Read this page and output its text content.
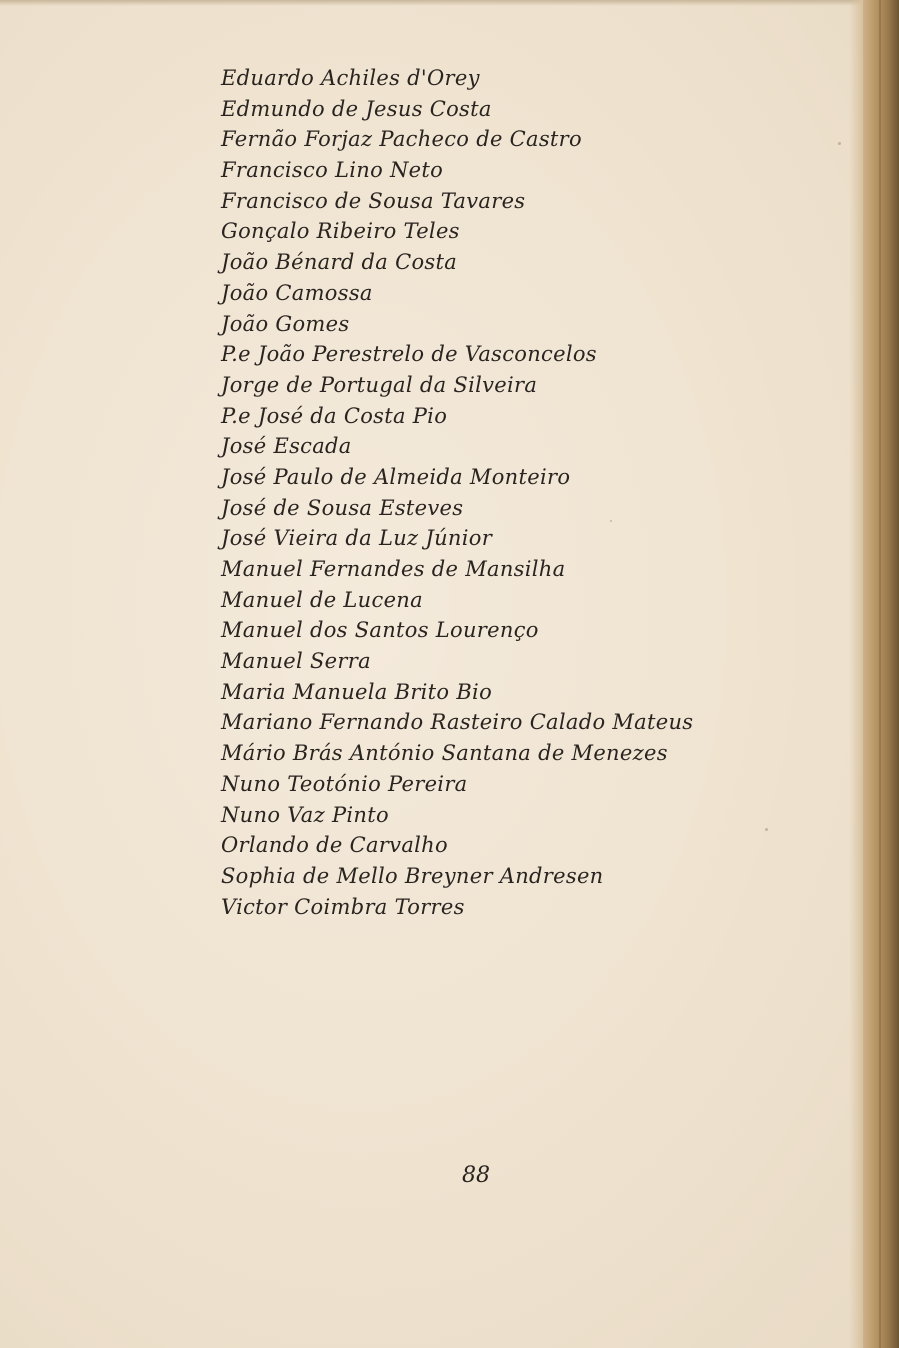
Eduardo Achiles d'Orey
Edmundo de Jesus Costa
Fernão Forjaz Pacheco de Castro
Francisco Lino Neto
Francisco de Sousa Tavares
Gonçalo Ribeiro Teles
João Bénard da Costa
João Camossa
João Gomes
P.e João Perestrelo de Vasconcelos
Jorge de Portugal da Silveira
P.e José da Costa Pio
José Escada
José Paulo de Almeida Monteiro
José de Sousa Esteves
José Vieira da Luz Júnior
Manuel Fernandes de Mansilha
Manuel de Lucena
Manuel dos Santos Lourenço
Manuel Serra
Maria Manuela Brito Bio
Mariano Fernando Rasteiro Calado Mateus
Mário Brás António Santana de Menezes
Nuno Teotónio Pereira
Nuno Vaz Pinto
Orlando de Carvalho
Sophia de Mello Breyner Andresen
Victor Coimbra Torres
88
